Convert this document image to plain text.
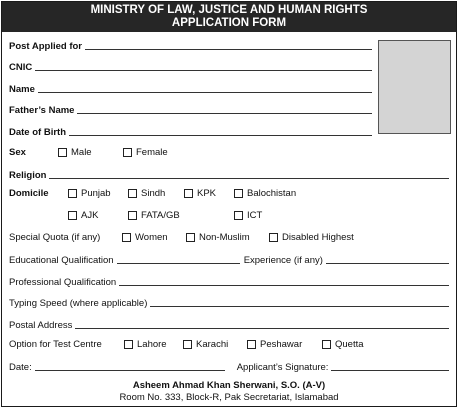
MINISTRY OF LAW, JUSTICE AND HUMAN RIGHTS
APPLICATION FORM
Post Applied for
CNIC
Name
Father’s Name
Date of Birth
Sex	Male	Female
Religion
Domicile	Punjab	Sindh	KPK	Balochistan
AJK	FATA/GB	ICT
Special Quota (if any)	Women	Non-Muslim	Disabled Highest
Educational Qualification	Experience (if any)
Professional Qualification
Typing Speed (where applicable)
Postal Address
Option for Test Centre	Lahore	Karachi	Peshawar	Quetta
Date:	Applicant’s Signature:
Asheem Ahmad Khan Sherwani, S.O. (A-V)
Room No. 333, Block-R, Pak Secretariat, Islamabad
